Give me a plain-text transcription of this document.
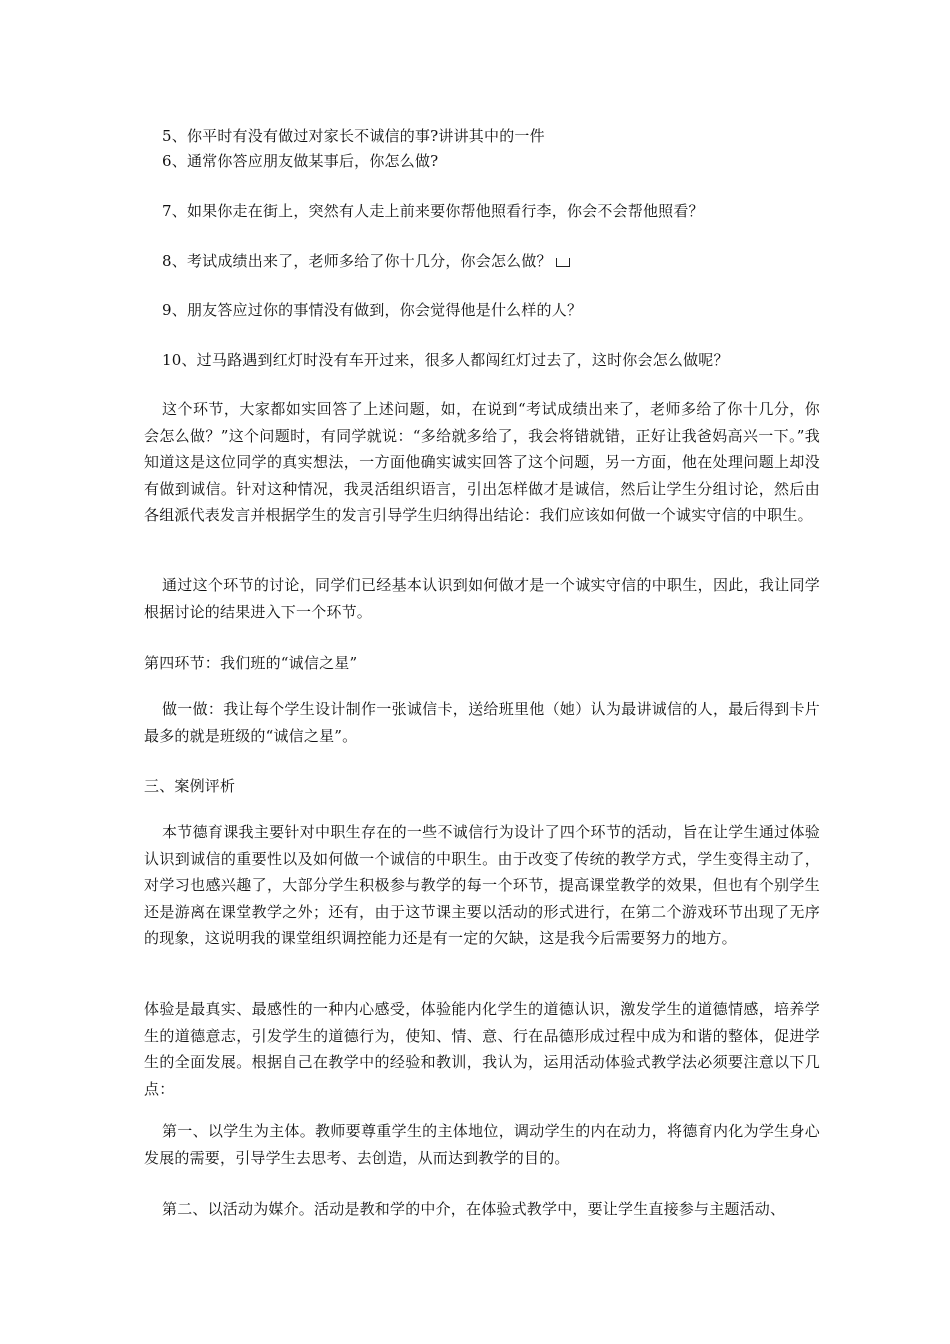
5、你平时有没有做过对家长不诚信的事?讲讲其中的一件
6、通常你答应朋友做某事后，你怎么做?
7、如果你走在街上，突然有人走上前来要你帮他照看行李，你会不会帮他照看？
8、考试成绩出来了，老师多给了你十几分，你会怎么做？
9、朋友答应过你的事情没有做到，你会觉得他是什么样的人？
10、过马路遇到红灯时没有车开过来，很多人都闯红灯过去了，这时你会怎么做呢？
这个环节，大家都如实回答了上述问题，如，在说到“考试成绩出来了，老师多给了你十几分，你会怎么做？”这个问题时，有同学就说：“多给就多给了，我会将错就错，正好让我爸妈高兴一下。”我知道这是这位同学的真实想法，一方面他确实诚实回答了这个问题，另一方面，他在处理问题上却没有做到诚信。针对这种情况，我灵活组织语言，引出怎样做才是诚信，然后让学生分组讨论，然后由各组派代表发言并根据学生的发言引导学生归纳得出结论：我们应该如何做一个诚实守信的中职生。
通过这个环节的讨论，同学们已经基本认识到如何做才是一个诚实守信的中职生，因此，我让同学根据讨论的结果进入下一个环节。
第四环节：我们班的“诚信之星”
做一做：我让每个学生设计制作一张诚信卡，送给班里他（她）认为最讲诚信的人，最后得到卡片最多的就是班级的“诚信之星”。
三、案例评析
本节德育课我主要针对中职生存在的一些不诚信行为设计了四个环节的活动，旨在让学生通过体验认识到诚信的重要性以及如何做一个诚信的中职生。由于改变了传统的教学方式，学生变得主动了，对学习也感兴趣了，大部分学生积极参与教学的每一个环节，提高课堂教学的效果，但也有个别学生还是游离在课堂教学之外；还有，由于这节课主要以活动的形式进行，在第二个游戏环节出现了无序的现象，这说明我的课堂组织调控能力还是有一定的欠缺，这是我今后需要努力的地方。
体验是最真实、最感性的一种内心感受，体验能内化学生的道德认识，激发学生的道德情感，培养学生的道德意志，引发学生的道德行为，使知、情、意、行在品德形成过程中成为和谐的整体，促进学生的全面发展。根据自己在教学中的经验和教训，我认为，运用活动体验式教学法必须要注意以下几点：
第一、以学生为主体。教师要尊重学生的主体地位，调动学生的内在动力，将德育内化为学生身心发展的需要，引导学生去思考、去创造，从而达到教学的目的。
第二、以活动为媒介。活动是教和学的中介，在体验式教学中，要让学生直接参与主题活动、
